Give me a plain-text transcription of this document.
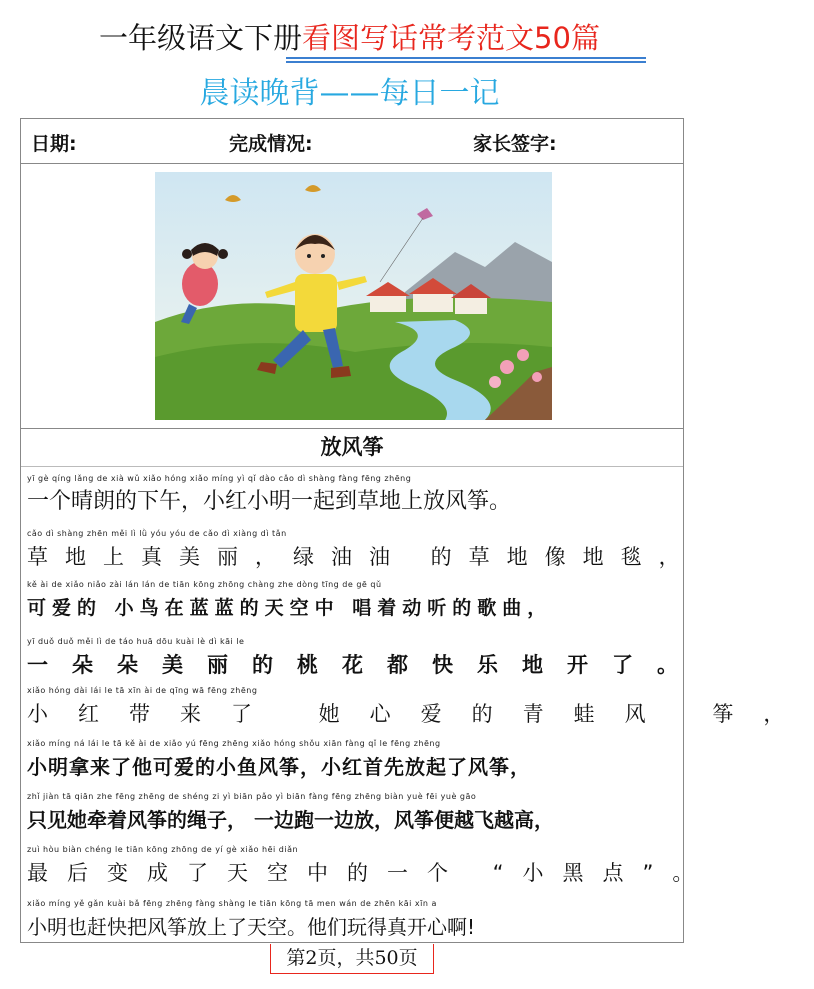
一年级语文下册看图写话常考范文50篇
晨读晚背——每日一记
日期:	完成情况:	家长签字:
放风筝
yī gè qíng lǎng de xià wǔ xiǎo hóng xiǎo míng yì qǐ dào cǎo dì shàng fàng fēng zhēng
一个晴朗的下午，小红小明一起到草地上放风筝。
cǎo dì shàng zhēn měi lì lǜ yóu yóu de cǎo dì xiàng dì tǎn
草地上真美丽，绿油油 的草地像地毯，
kě ài de xiǎo niǎo zài lán lán de tiān kōng zhōng chàng zhe dòng tīng de gē qǔ
可爱的 小鸟在蓝蓝的天空中 唱着动听的歌曲，
yī duǒ duǒ měi lì de táo huā dōu kuài lè dì kāi le
一朵朵美丽的桃花都快乐地开了。
xiǎo hóng dài lái le tā xīn ài de qīng wā fēng zhēng
小红带来了 她心爱的青蛙风 筝，
xiǎo míng ná lái le tā kě ài de xiǎo yú fēng zhēng xiǎo hóng shǒu xiān fàng qǐ le fēng zhēng
小明拿来了他可爱的小鱼风筝，小红首先放起了风筝，
zhǐ jiàn tā qiān zhe fēng zhēng de shéng zi yì biān pǎo yì biān fàng fēng zhēng biàn yuè fēi yuè gāo
只见她牵着风筝的绳子， 一边跑一边放，风筝便越飞越高，
zuì hòu biàn chéng le tiān kōng zhōng de yí gè xiǎo hēi diǎn
最后变成了天空中的一个 “小黑点”。
xiǎo míng yě gǎn kuài bǎ fēng zhēng fàng shàng le tiān kōng tā men wán de zhēn kāi xīn a
小明也赶快把风筝放上了天空。他们玩得真开心啊!
第2页，共50页
